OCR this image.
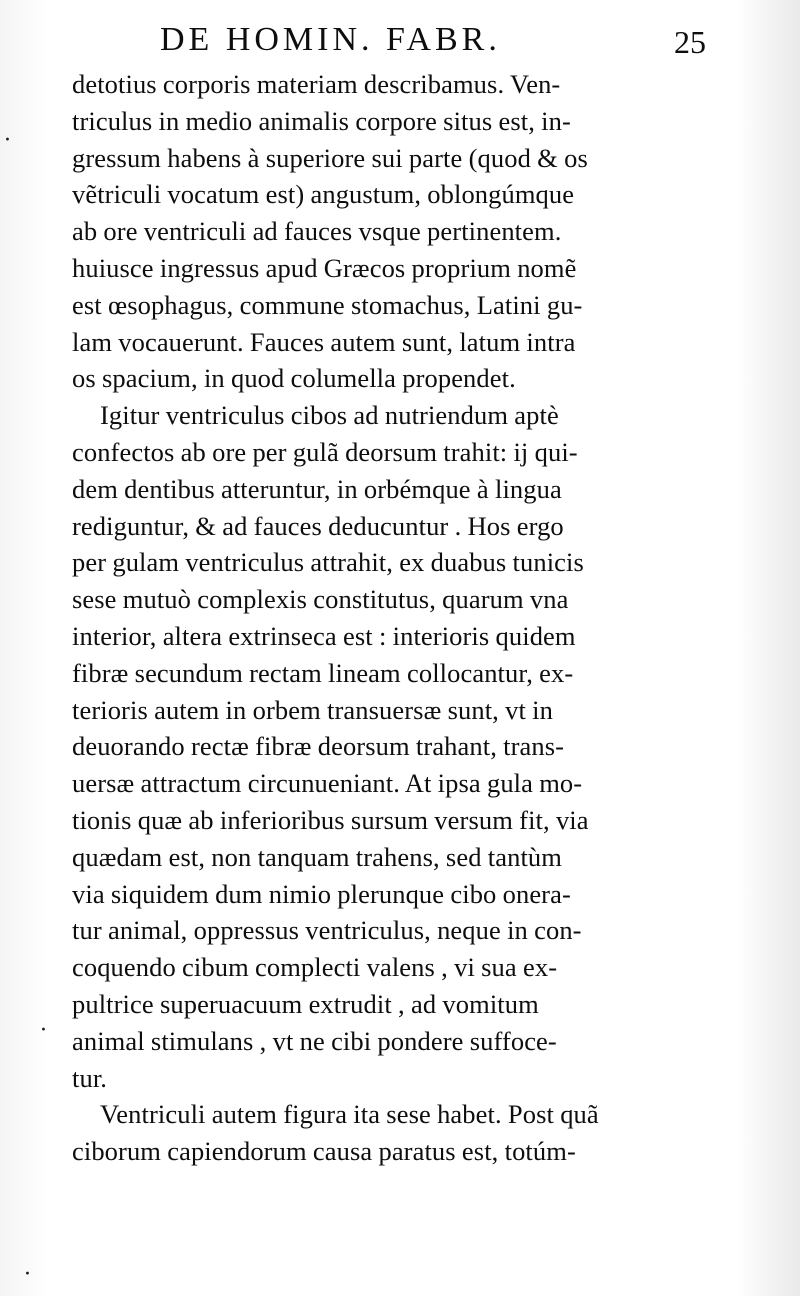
DE HOMIN. FABR.	25
detotius corporis materiam describamus. Ven-
triculus in medio animalis corpore situs est, in-
gressum habens à superiore sui parte (quod & os
vẽtriculi vocatum est) angustum, oblongúmque
ab ore ventriculi ad fauces vsque pertinentem.
huiusce ingressus apud Græcos proprium nomẽ
est œsophagus, commune stomachus, Latini gu-
lam vocauerunt. Fauces autem sunt, latum intra
os spacium, in quod columella propendet.
Igitur ventriculus cibos ad nutriendum aptè
confectos ab ore per gulã deorsum trahit: ij qui-
dem dentibus atteruntur, in orbémque à lingua
rediguntur, & ad fauces deducuntur . Hos ergo
per gulam ventriculus attrahit, ex duabus tunicis
sese mutuò complexis constitutus, quarum vna
interior, altera extrinseca est : interioris quidem
fibræ secundum rectam lineam collocantur, ex-
terioris autem in orbem transuersæ sunt, vt in
deuorando rectæ fibræ deorsum trahant, trans-
uersæ attractum circunueniant. At ipsa gula mo-
tionis quæ ab inferioribus sursum versum fit, via
quædam est, non tanquam trahens, sed tantùm
via siquidem dum nimio plerunque cibo onera-
tur animal, oppressus ventriculus, neque in con-
coquendo cibum complecti valens , vi sua ex-
pultrice superuacuum extrudit , ad vomitum
animal stimulans , vt ne cibi pondere suffoce-
tur.
Ventriculi autem figura ita sese habet. Post quã
ciborum capiendorum causa paratus est, totúm-
·
·
·
